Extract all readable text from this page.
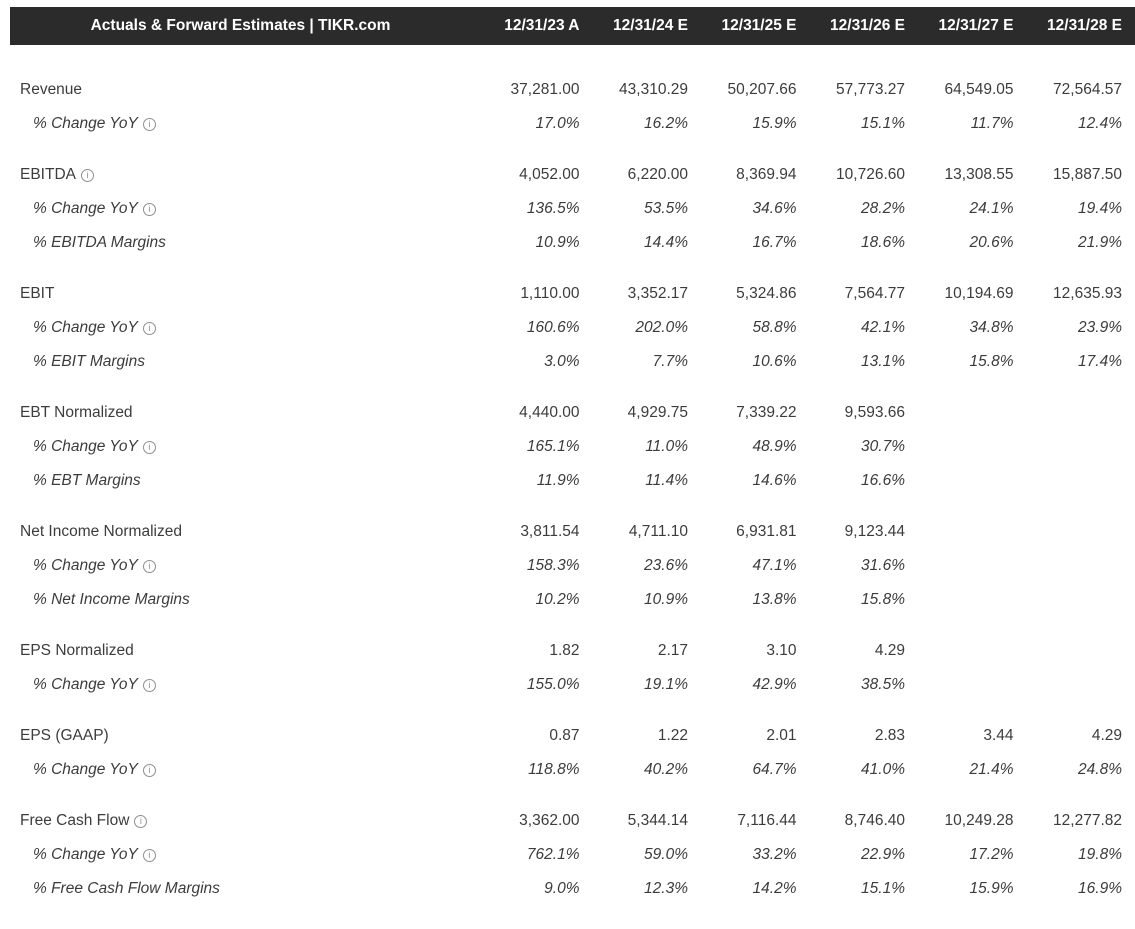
Actuals & Forward Estimates | TIKR.com	12/31/23 A	12/31/24 E	12/31/25 E	12/31/26 E	12/31/27 E	12/31/28 E
Revenue	37,281.00	43,310.29	50,207.66	57,773.27	64,549.05	72,564.57
% Change YoY	i	17.0%	16.2%	15.9%	15.1%	11.7%	12.4%
EBITDA	i	4,052.00	6,220.00	8,369.94	10,726.60	13,308.55	15,887.50
% Change YoY	i	136.5%	53.5%	34.6%	28.2%	24.1%	19.4%
% EBITDA Margins	10.9%	14.4%	16.7%	18.6%	20.6%	21.9%
EBIT	1,110.00	3,352.17	5,324.86	7,564.77	10,194.69	12,635.93
% Change YoY	i	160.6%	202.0%	58.8%	42.1%	34.8%	23.9%
% EBIT Margins	3.0%	7.7%	10.6%	13.1%	15.8%	17.4%
EBT Normalized	4,440.00	4,929.75	7,339.22	9,593.66
% Change YoY	i	165.1%	11.0%	48.9%	30.7%
% EBT Margins	11.9%	11.4%	14.6%	16.6%
Net Income Normalized	3,811.54	4,711.10	6,931.81	9,123.44
% Change YoY	i	158.3%	23.6%	47.1%	31.6%
% Net Income Margins	10.2%	10.9%	13.8%	15.8%
EPS Normalized	1.82	2.17	3.10	4.29
% Change YoY	i	155.0%	19.1%	42.9%	38.5%
EPS (GAAP)	0.87	1.22	2.01	2.83	3.44	4.29
% Change YoY	i	118.8%	40.2%	64.7%	41.0%	21.4%	24.8%
Free Cash Flow	i	3,362.00	5,344.14	7,116.44	8,746.40	10,249.28	12,277.82
% Change YoY	i	762.1%	59.0%	33.2%	22.9%	17.2%	19.8%
% Free Cash Flow Margins	9.0%	12.3%	14.2%	15.1%	15.9%	16.9%
